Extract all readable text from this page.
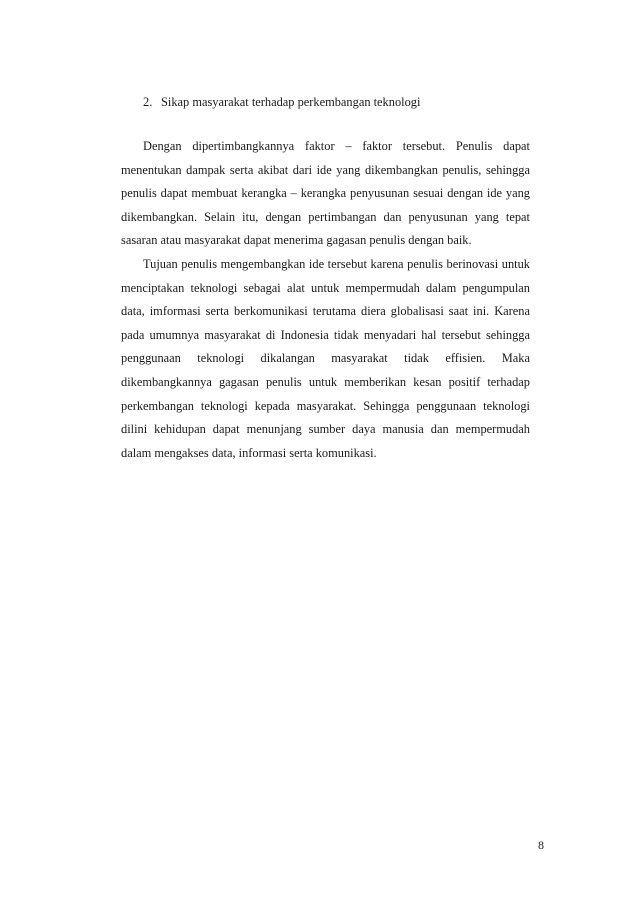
2. Sikap masyarakat terhadap perkembangan teknologi

Dengan dipertimbangkannya faktor – faktor tersebut. Penulis dapat menentukan dampak serta akibat dari ide yang dikembangkan penulis, sehingga penulis dapat membuat kerangka – kerangka penyusunan sesuai dengan ide yang dikembangkan. Selain itu, dengan pertimbangan dan penyusunan yang tepat sasaran atau masyarakat dapat menerima gagasan penulis dengan baik.

Tujuan penulis mengembangkan ide tersebut karena penulis berinovasi untuk menciptakan teknologi sebagai alat untuk mempermudah dalam pengumpulan data, imformasi serta berkomunikasi terutama diera globalisasi saat ini. Karena pada umumnya masyarakat di Indonesia tidak menyadari hal tersebut sehingga penggunaan teknologi dikalangan masyarakat tidak effisien. Maka dikembangkannya gagasan penulis untuk memberikan kesan positif terhadap perkembangan teknologi kepada masyarakat. Sehingga penggunaan teknologi dilini kehidupan dapat menunjang sumber daya manusia dan mempermudah dalam mengakses data, informasi serta komunikasi.

8
